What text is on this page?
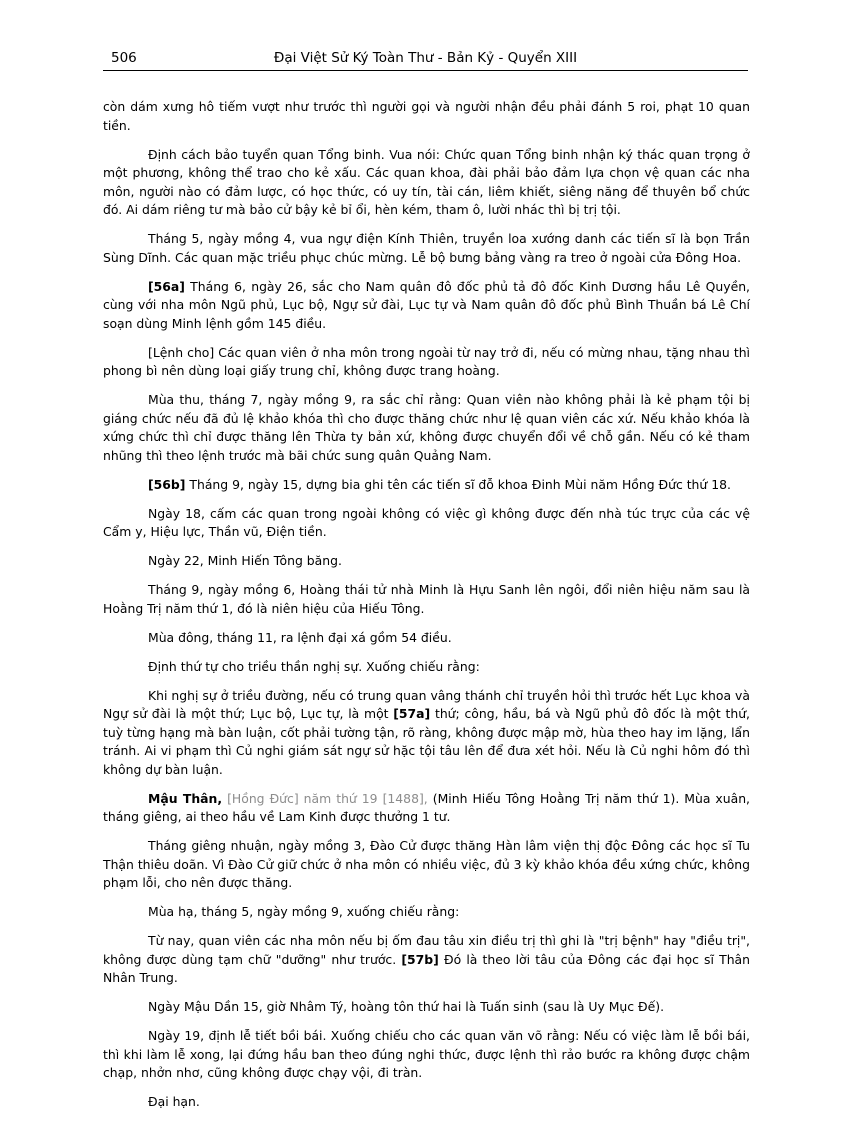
506	Đại Việt Sử Ký Toàn Thư - Bản Kỷ - Quyển XIII

còn dám xưng hô tiếm vượt như trước thì người gọi và người nhận đều phải đánh 5 roi, phạt 10 quan tiền.

Định cách bảo tuyển quan Tổng binh. Vua nói: Chức quan Tổng binh nhận ký thác quan trọng ở một phương, không thể trao cho kẻ xấu. Các quan khoa, đài phải bảo đảm lựa chọn vệ quan các nha môn, người nào có đảm lược, có học thức, có uy tín, tài cán, liêm khiết, siêng năng để thuyên bổ chức đó. Ai dám riêng tư mà bảo cử bậy kẻ bỉ ổi, hèn kém, tham ô, lười nhác thì bị trị tội.

Tháng 5, ngày mồng 4, vua ngự điện Kính Thiên, truyền loa xướng danh các tiến sĩ là bọn Trần Sùng Dĩnh. Các quan mặc triều phục chúc mừng. Lễ bộ bưng bảng vàng ra treo ở ngoài cửa Đông Hoa.

[56a] Tháng 6, ngày 26, sắc cho Nam quân đô đốc phủ tả đô đốc Kinh Dương hầu Lê Quyền, cùng với nha môn Ngũ phủ, Lục bộ, Ngự sử đài, Lục tự và Nam quân đô đốc phủ Bình Thuần bá Lê Chí soạn dùng Minh lệnh gồm 145 điều.

[Lệnh cho] Các quan viên ở nha môn trong ngoài từ nay trở đi, nếu có mừng nhau, tặng nhau thì phong bì nên dùng loại giấy trung chỉ, không được trang hoàng.

Mùa thu, tháng 7, ngày mồng 9, ra sắc chỉ rằng: Quan viên nào không phải là kẻ phạm tội bị giáng chức nếu đã đủ lệ khảo khóa thì cho được thăng chức như lệ quan viên các xứ. Nếu khảo khóa là xứng chức thì chỉ được thăng lên Thừa ty bản xứ, không được chuyển đổi về chỗ gần. Nếu có kẻ tham nhũng thì theo lệnh trước mà bãi chức sung quân Quảng Nam.

[56b] Tháng 9, ngày 15, dựng bia ghi tên các tiến sĩ đỗ khoa Đinh Mùi năm Hồng Đức thứ 18.

Ngày 18, cấm các quan trong ngoài không có việc gì không được đến nhà túc trực của các vệ Cẩm y, Hiệu lực, Thần vũ, Điện tiền.

Ngày 22, Minh Hiến Tông băng.

Tháng 9, ngày mồng 6, Hoàng thái tử nhà Minh là Hựu Sanh lên ngôi, đổi niên hiệu năm sau là Hoằng Trị năm thứ 1, đó là niên hiệu của Hiếu Tông.

Mùa đông, tháng 11, ra lệnh đại xá gồm 54 điều.

Định thứ tự cho triều thần nghị sự. Xuống chiếu rằng:

Khi nghị sự ở triều đường, nếu có trung quan vâng thánh chỉ truyền hỏi thì trước hết Lục khoa và Ngự sử đài là một thứ; Lục bộ, Lục tự, là một [57a] thứ; công, hầu, bá và Ngũ phủ đô đốc là một thứ, tuỳ từng hạng mà bàn luận, cốt phải tường tận, rõ ràng, không được mập mờ, hùa theo hay im lặng, lẩn tránh. Ai vi phạm thì Củ nghi giám sát ngự sử hặc tội tâu lên để đưa xét hỏi. Nếu là Củ nghi hôm đó thì không dự bàn luận.

Mậu Thân, [Hồng Đức] năm thứ 19 [1488], (Minh Hiếu Tông Hoằng Trị năm thứ 1). Mùa xuân, tháng giêng, ai theo hầu về Lam Kinh được thưởng 1 tư.

Tháng giêng nhuận, ngày mồng 3, Đào Cử được thăng Hàn lâm viện thị độc Đông các học sĩ Tu Thận thiêu doãn. Vì Đào Cử giữ chức ở nha môn có nhiều việc, đủ 3 kỳ khảo khóa đều xứng chức, không phạm lỗi, cho nên được thăng.

Mùa hạ, tháng 5, ngày mồng 9, xuống chiếu rằng:

Từ nay, quan viên các nha môn nếu bị ốm đau tâu xin điều trị thì ghi là "trị bệnh" hay "điều trị", không được dùng tạm chữ "dưỡng" như trước. [57b] Đó là theo lời tâu của Đông các đại học sĩ Thân Nhân Trung.

Ngày Mậu Dần 15, giờ Nhâm Tý, hoàng tôn thứ hai là Tuấn sinh (sau là Uy Mục Đế).

Ngày 19, định lễ tiết bồi bái. Xuống chiếu cho các quan văn võ rằng: Nếu có việc làm lễ bồi bái, thì khi làm lễ xong, lại đứng hầu ban theo đúng nghi thức, được lệnh thì rảo bước ra không được chậm chạp, nhởn nhơ, cũng không được chạy vội, đi tràn.

Đại hạn.
